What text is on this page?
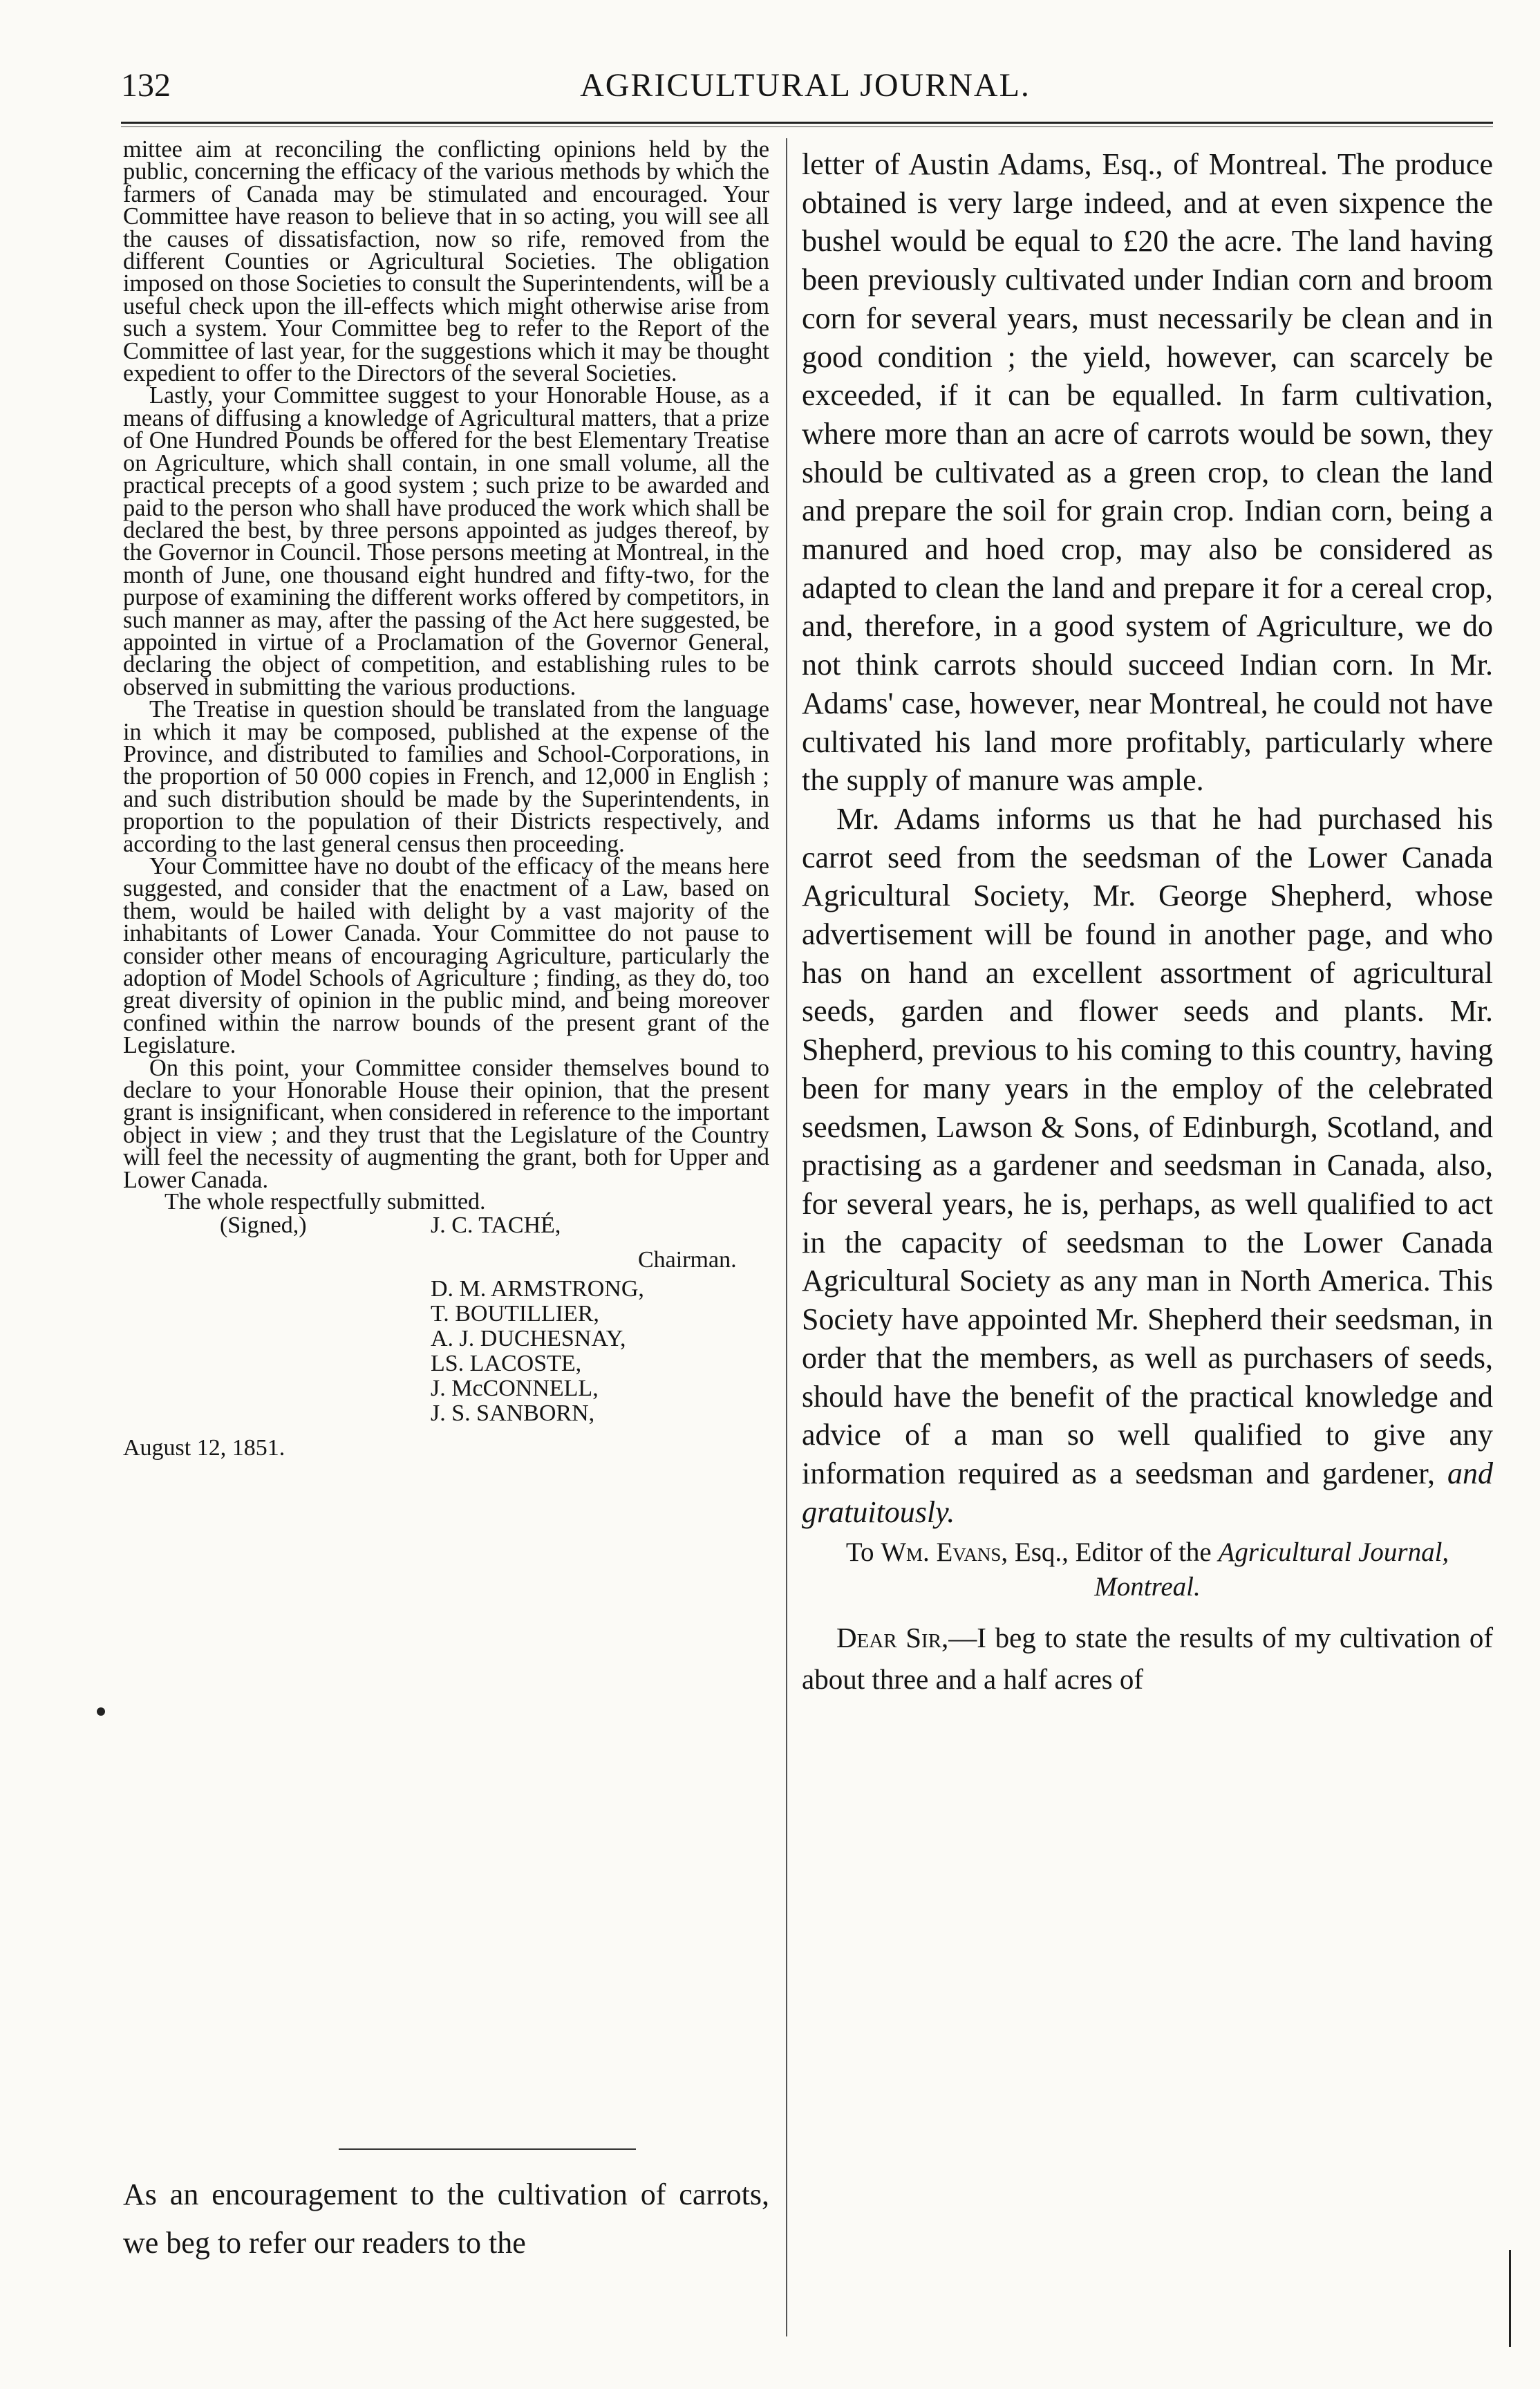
132	AGRICULTURAL JOURNAL.

mittee aim at reconciling the conflicting opinions held by the public, concerning the efficacy of the various methods by which the farmers of Canada may be stimulated and encouraged. Your Committee have reason to believe that in so acting, you will see all the causes of dissatisfaction, now so rife, removed from the different Counties or Agricultural Societies. The obligation imposed on those Societies to consult the Superintendents, will be a useful check upon the ill-effects which might otherwise arise from such a system. Your Committee beg to refer to the Report of the Committee of last year, for the suggestions which it may be thought expedient to offer to the Directors of the several Societies.

Lastly, your Committee suggest to your Honorable House, as a means of diffusing a knowledge of Agricultural matters, that a prize of One Hundred Pounds be offered for the best Elementary Treatise on Agriculture, which shall contain, in one small volume, all the practical precepts of a good system ; such prize to be awarded and paid to the person who shall have produced the work which shall be declared the best, by three persons appointed as judges thereof, by the Governor in Council. Those persons meeting at Montreal, in the month of June, one thousand eight hundred and fifty-two, for the purpose of examining the different works offered by competitors, in such manner as may, after the passing of the Act here suggested, be appointed in virtue of a Proclamation of the Governor General, declaring the object of competition, and establishing rules to be observed in submitting the various productions.

The Treatise in question should be translated from the language in which it may be composed, published at the expense of the Province, and distributed to families and School-Corporations, in the proportion of 50 000 copies in French, and 12,000 in English ; and such distribution should be made by the Superintendents, in proportion to the population of their Districts respectively, and according to the last general census then proceeding.

Your Committee have no doubt of the efficacy of the means here suggested, and consider that the enactment of a Law, based on them, would be hailed with delight by a vast majority of the inhabitants of Lower Canada. Your Committee do not pause to consider other means of encouraging Agriculture, particularly the adoption of Model Schools of Agriculture ; finding, as they do, too great diversity of opinion in the public mind, and being moreover confined within the narrow bounds of the present grant of the Legislature.

On this point, your Committee consider themselves bound to declare to your Honorable House their opinion, that the present grant is insignificant, when considered in reference to the important object in view ; and they trust that the Legislature of the Country will feel the necessity of augmenting the grant, both for Upper and Lower Canada.

The whole respectfully submitted.
(Signed,)	J. C. TACHÉ,
Chairman.
D. M. ARMSTRONG,
T. BOUTILLIER,
A. J. DUCHESNAY,
LS. LACOSTE,
J. McCONNELL,
J. S. SANBORN,
August 12, 1851.
As an encouragement to the cultivation of carrots, we beg to refer our readers to the

letter of Austin Adams, Esq., of Montreal. The produce obtained is very large indeed, and at even sixpence the bushel would be equal to £20 the acre. The land having been previously cultivated under Indian corn and broom corn for several years, must necessarily be clean and in good condition ; the yield, however, can scarcely be exceeded, if it can be equalled. In farm cultivation, where more than an acre of carrots would be sown, they should be cultivated as a green crop, to clean the land and prepare the soil for grain crop. Indian corn, being a manured and hoed crop, may also be considered as adapted to clean the land and prepare it for a cereal crop, and, therefore, in a good system of Agriculture, we do not think carrots should succeed Indian corn. In Mr. Adams' case, however, near Montreal, he could not have cultivated his land more profitably, particularly where the supply of manure was ample.

Mr. Adams informs us that he had purchased his carrot seed from the seedsman of the Lower Canada Agricultural Society, Mr. George Shepherd, whose advertisement will be found in another page, and who has on hand an excellent assortment of agricultural seeds, garden and flower seeds and plants. Mr. Shepherd, previous to his coming to this country, having been for many years in the employ of the celebrated seedsmen, Lawson & Sons, of Edinburgh, Scotland, and practising as a gardener and seedsman in Canada, also, for several years, he is, perhaps, as well qualified to act in the capacity of seedsman to the Lower Canada Agricultural Society as any man in North America. This Society have appointed Mr. Shepherd their seedsman, in order that the members, as well as purchasers of seeds, should have the benefit of the practical knowledge and advice of a man so well qualified to give any information required as a seedsman and gardener, and gratuitously.

To Wm. Evans, Esq., Editor of the Agricultural Journal, Montreal.

Dear Sir,—I beg to state the results of my cultivation of about three and a half acres of
